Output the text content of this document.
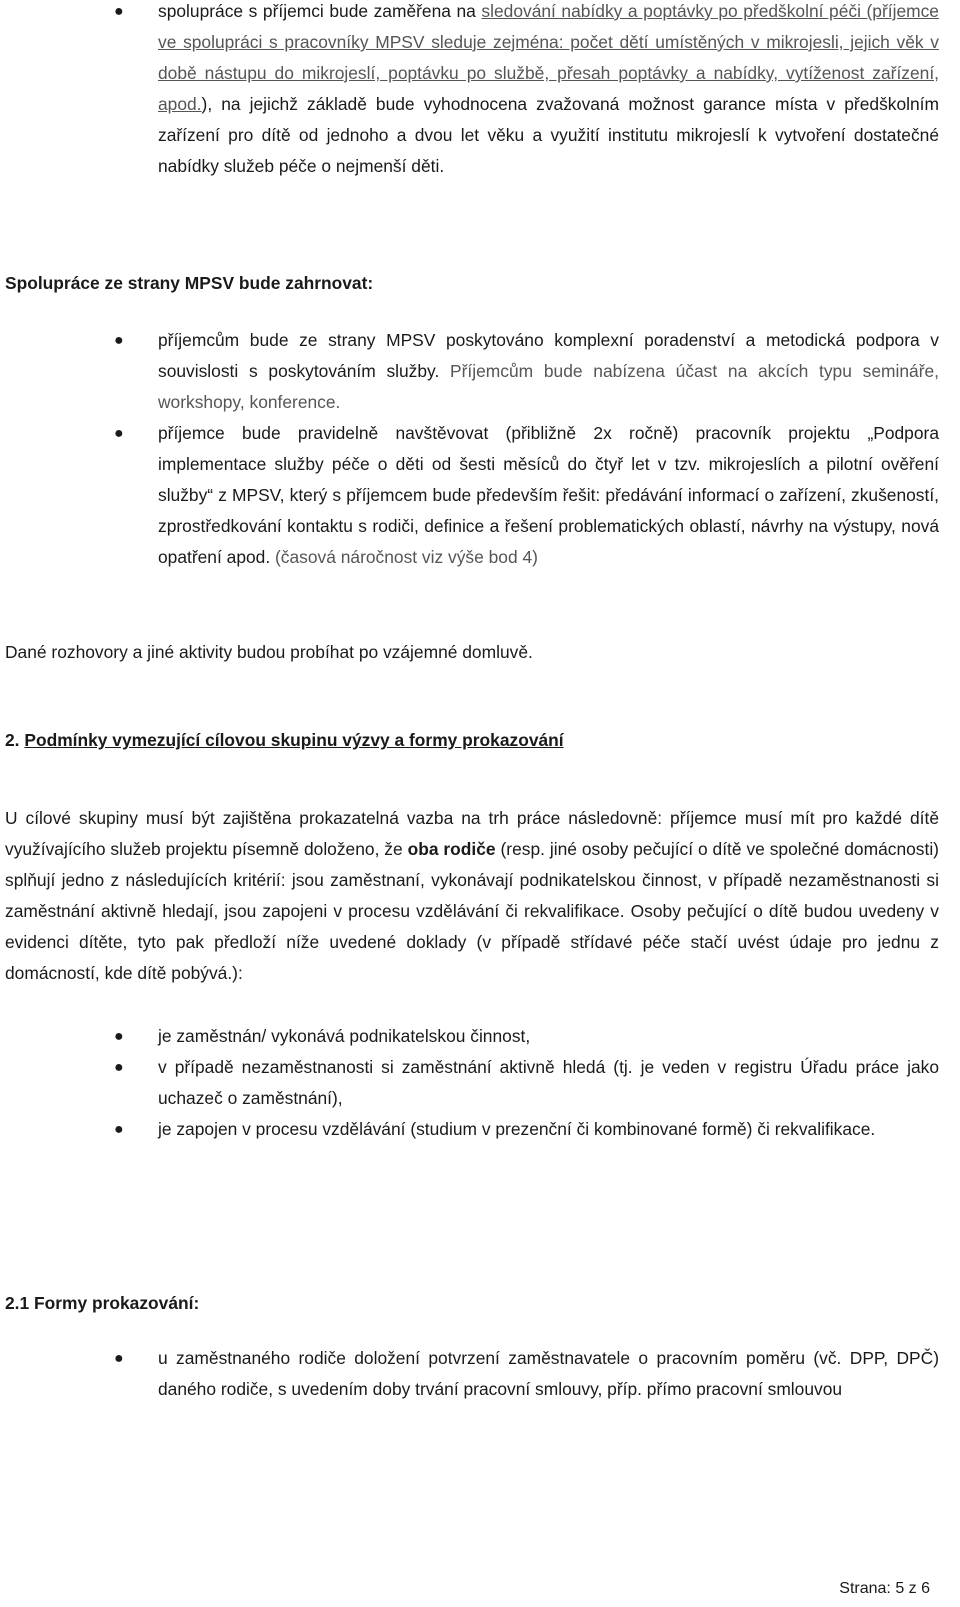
● spolupráce s příjemci bude zaměřena na sledování nabídky a poptávky po předškolní péči (příjemce ve spolupráci s pracovníky MPSV sleduje zejména: počet dětí umístěných v mikrojesli, jejich věk v době nástupu do mikrojeslí, poptávku po službě, přesah poptávky a nabídky, vytíženost zařízení, apod.), na jejichž základě bude vyhodnocena zvažovaná možnost garance místa v předškolním zařízení pro dítě od jednoho a dvou let věku a využití institutu mikrojeslí k vytvoření dostatečné nabídky služeb péče o nejmenší děti.
Spolupráce ze strany MPSV bude zahrnovat:
● příjemcům bude ze strany MPSV poskytováno komplexní poradenství a metodická podpora v souvislosti s poskytováním služby. Příjemcům bude nabízena účast na akcích typu semináře, workshopy, konference.
● příjemce bude pravidelně navštěvovat (přibližně 2x ročně) pracovník projektu „Podpora implementace služby péče o děti od šesti měsíců do čtyř let v tzv. mikrojeslích a pilotní ověření služby“ z MPSV, který s příjemcem bude především řešit: předávání informací o zařízení, zkušeností, zprostředkování kontaktu s rodiči, definice a řešení problematických oblastí, návrhy na výstupy, nová opatření apod. (časová náročnost viz výše bod 4)
Dané rozhovory a jiné aktivity budou probíhat po vzájemné domluvě.
2. Podmínky vymezující cílovou skupinu výzvy a formy prokazování

U cílové skupiny musí být zajištěna prokazatelná vazba na trh práce následovně: příjemce musí mít pro každé dítě využívajícího služeb projektu písemně doloženo, že oba rodiče (resp. jiné osoby pečující o dítě ve společné domácnosti) splňují jedno z následujících kritérií: jsou zaměstnaní, vykonávají podnikatelskou činnost, v případě nezaměstnanosti si zaměstnání aktivně hledají, jsou zapojeni v procesu vzdělávání či rekvalifikace. Osoby pečující o dítě budou uvedeny v evidenci dítěte, tyto pak předloží níže uvedené doklady (v případě střídavé péče stačí uvést údaje pro jednu z domácností, kde dítě pobývá.):

● je zaměstnán/ vykonává podnikatelskou činnost,
● v případě nezaměstnanosti si zaměstnání aktivně hledá (tj. je veden v registru Úřadu práce jako uchazeč o zaměstnání),
● je zapojen v procesu vzdělávání (studium v prezenční či kombinované formě) či rekvalifikace.
2.1 Formy prokazování:
● u zaměstnaného rodiče doložení potvrzení zaměstnavatele o pracovním poměru (vč. DPP, DPČ) daného rodiče, s uvedením doby trvání pracovní smlouvy, příp. přímo pracovní smlouvou
Strana: 5 z 6
